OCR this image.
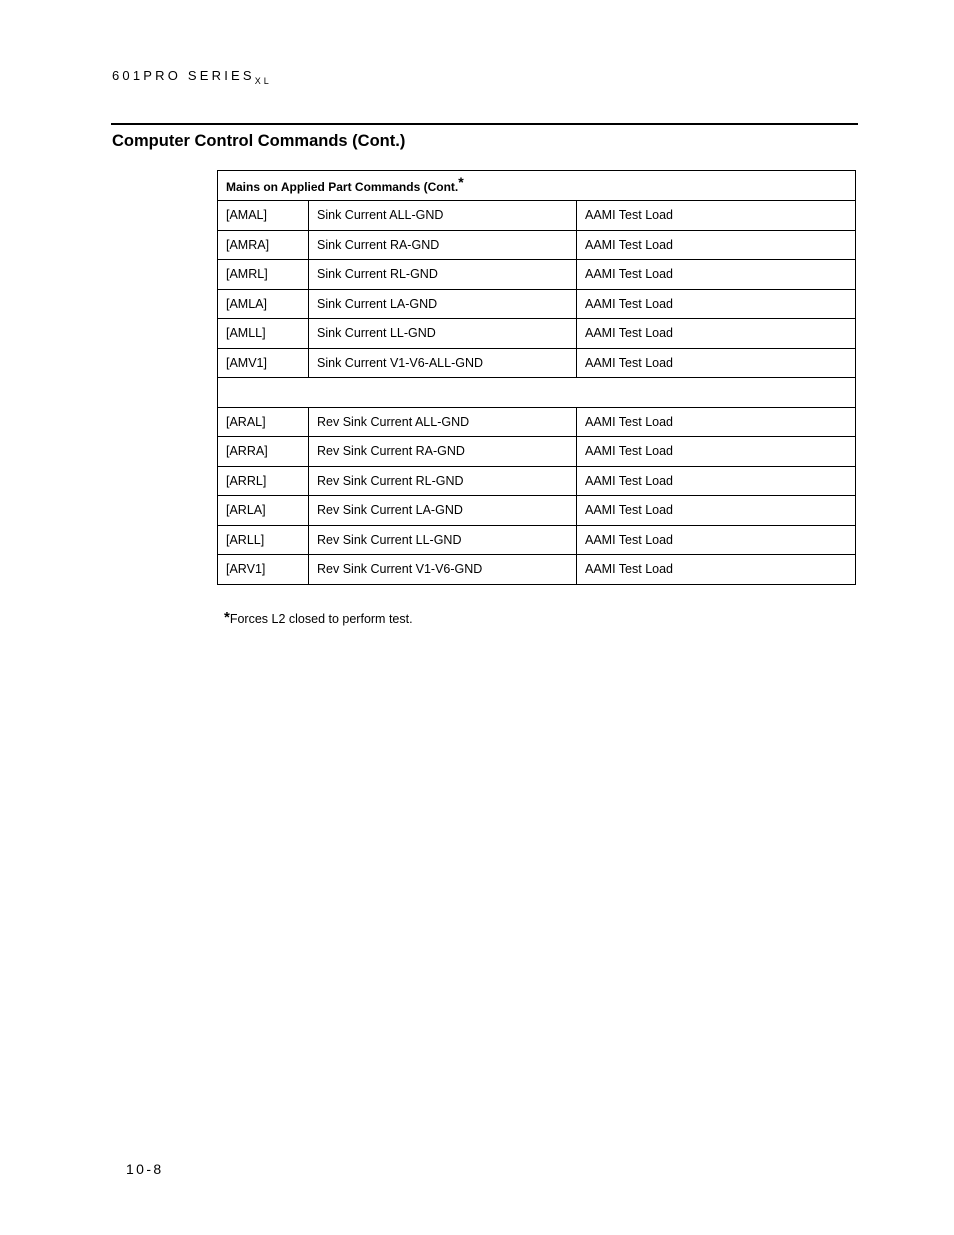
601PRO $SERIES_{XL}$
Computer Control Commands (Cont.)
Mains on Applied Part Commands (Cont.*		
[AMAL]	Sink Current ALL-GND	AAMI Test Load
[AMRA]	Sink Current RA-GND	AAMI Test Load
[AMRL]	Sink Current RL-GND	AAMI Test Load
[AMLA]	Sink Current LA-GND	AAMI Test Load
[AMLL]	Sink Current LL-GND	AAMI Test Load
[AMV1]	Sink Current V1-V6-ALL-GND	AAMI Test Load

[ARAL]	Rev Sink Current ALL-GND	AAMI Test Load
[ARRA]	Rev Sink Current RA-GND	AAMI Test Load
[ARRL]	Rev Sink Current RL-GND	AAMI Test Load
[ARLA]	Rev Sink Current LA-GND	AAMI Test Load
[ARLL]	Rev Sink Current LL-GND	AAMI Test Load
[ARV1]	Rev Sink Current V1-V6-GND	AAMI Test Load
*Forces L2 closed to perform test.
10-8
